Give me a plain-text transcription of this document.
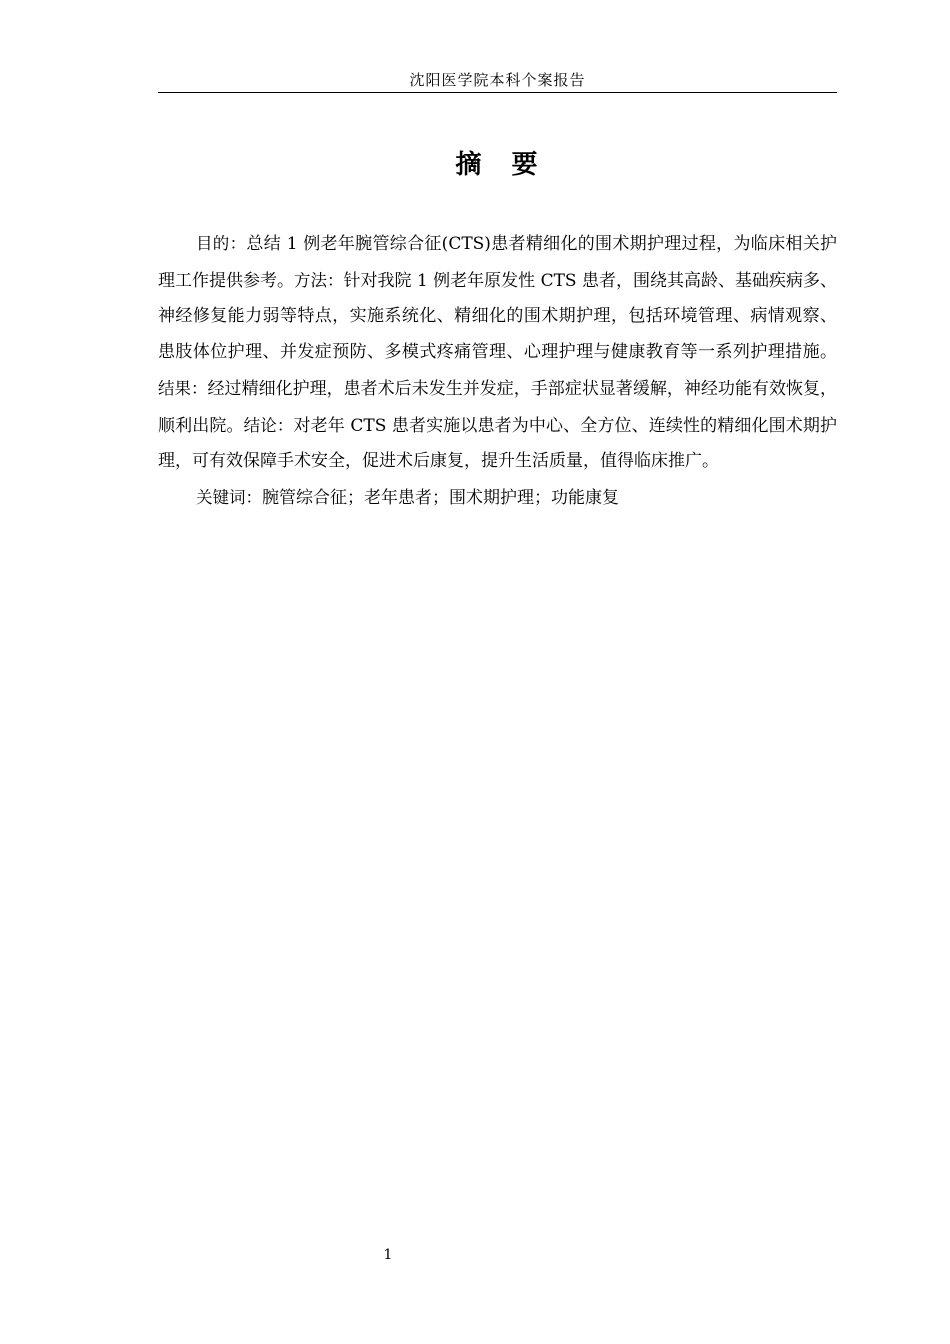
沈阳医学院本科个案报告
摘 要

目的：总结 1 例老年腕管综合征(CTS)患者精细化的围术期护理过程，为临床相关护理工作提供参考。方法：针对我院 1 例老年原发性 CTS 患者，围绕其高龄、基础疾病多、神经修复能力弱等特点，实施系统化、精细化的围术期护理，包括环境管理、病情观察、患肢体位护理、并发症预防、多模式疼痛管理、心理护理与健康教育等一系列护理措施。结果：经过精细化护理，患者术后未发生并发症，手部症状显著缓解，神经功能有效恢复，顺利出院。结论：对老年 CTS 患者实施以患者为中心、全方位、连续性的精细化围术期护理，可有效保障手术安全，促进术后康复，提升生活质量，值得临床推广。

关键词：腕管综合征；老年患者；围术期护理；功能康复

1
